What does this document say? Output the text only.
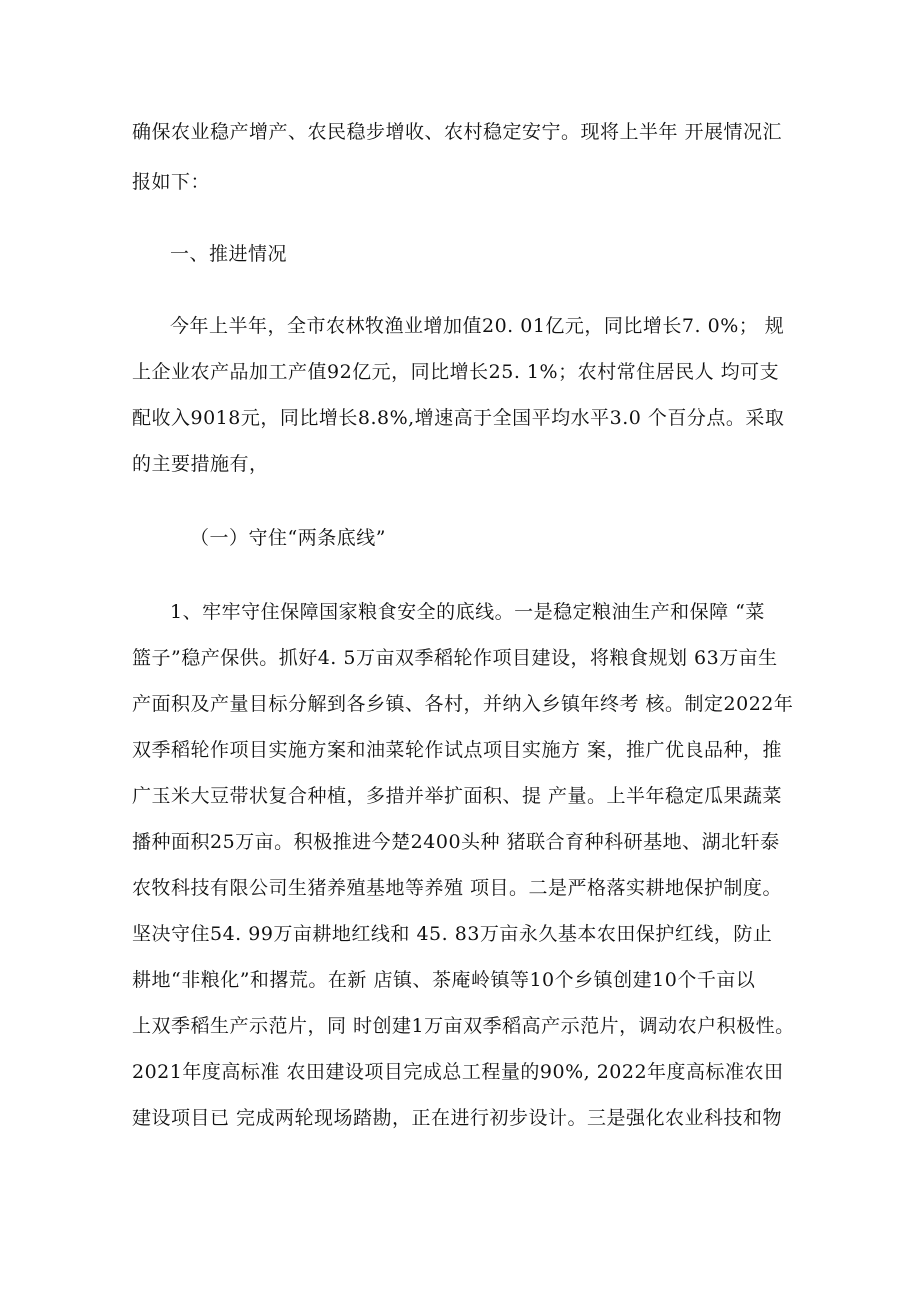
确保农业稳产增产、农民稳步增收、农村稳定安宁。现将上半年 开展情况汇
报如下：
一、推进情况
今年上半年，全市农林牧渔业增加值20. 01亿元，同比增长7. 0%； 规
上企业农产品加工产值92亿元，同比增长25. 1%；农村常住居民人 均可支
配收入9018元，同比增长8.8%,增速高于全国平均水平3.0 个百分点。采取
的主要措施有，
（一）守住“两条底线”
1、牢牢守住保障国家粮食安全的底线。一是稳定粮油生产和保障 “菜
篮子”稳产保供。抓好4. 5万亩双季稻轮作项目建设，将粮食规划 63万亩生
产面积及产量目标分解到各乡镇、各村，并纳入乡镇年终考 核。制定2022年
双季稻轮作项目实施方案和油菜轮作试点项目实施方 案，推广优良品种，推
广玉米大豆带状复合种植，多措并举扩面积、提 产量。上半年稳定瓜果蔬菜
播种面积25万亩。积极推进今楚2400头种 猪联合育种科研基地、湖北轩泰
农牧科技有限公司生猪养殖基地等养殖 项目。二是严格落实耕地保护制度。
坚决守住54. 99万亩耕地红线和 45. 83万亩永久基本农田保护红线，防止
耕地“非粮化”和撂荒。在新 店镇、茶庵岭镇等10个乡镇创建10个千亩以
上双季稻生产示范片，同 时创建1万亩双季稻高产示范片，调动农户积极性。
2021年度高标准 农田建设项目完成总工程量的90%, 2022年度高标准农田
建设项目已 完成两轮现场踏勘，正在进行初步设计。三是强化农业科技和物
